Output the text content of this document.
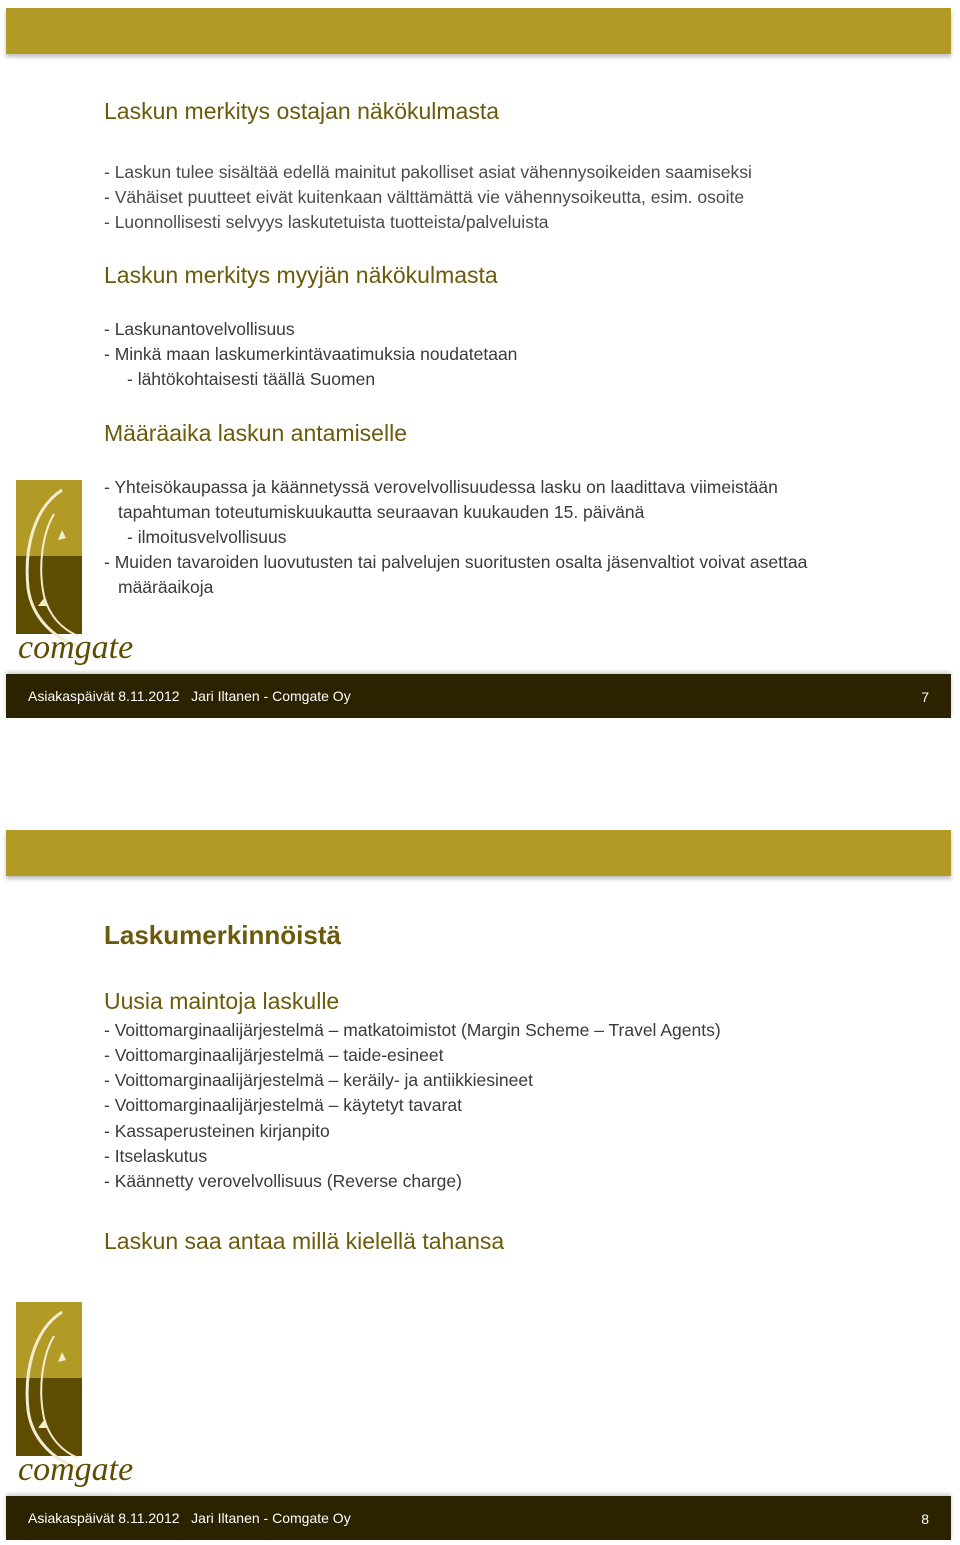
Laskun merkitys ostajan näkökulmasta
- Laskun tulee sisältää edellä mainitut pakolliset asiat vähennysoikeiden saamiseksi
- Vähäiset puutteet eivät kuitenkaan välttämättä vie vähennysoikeutta, esim. osoite
- Luonnollisesti selvyys laskutetuista tuotteista/palveluista
Laskun merkitys myyjän näkökulmasta
- Laskunantovelvollisuus
- Minkä maan laskumerkintävaatimuksia noudatetaan
- lähtökohtaisesti täällä Suomen
Määräaika laskun antamiselle
- Yhteisökaupassa ja käännetyssä verovelvollisuudessa lasku on laadittava viimeistään
tapahtuman toteutumiskuukautta seuraavan kuukauden 15. päivänä
- ilmoitusvelvollisuus
- Muiden tavaroiden luovutusten tai palvelujen suoritusten osalta jäsenvaltiot voivat asettaa
määräaikoja
comgate
Asiakaspäivät 8.11.2012   Jari Iltanen - Comgate Oy	7
Laskumerkinnöistä
Uusia maintoja laskulle
- Voittomarginaalijärjestelmä – matkatoimistot (Margin Scheme – Travel Agents)
- Voittomarginaalijärjestelmä – taide-esineet
- Voittomarginaalijärjestelmä – keräily- ja antiikkiesineet
- Voittomarginaalijärjestelmä – käytetyt tavarat
- Kassaperusteinen kirjanpito
- Itselaskutus
- Käännetty verovelvollisuus (Reverse charge)
Laskun saa antaa millä kielellä tahansa
comgate
Asiakaspäivät 8.11.2012   Jari Iltanen - Comgate Oy	8
